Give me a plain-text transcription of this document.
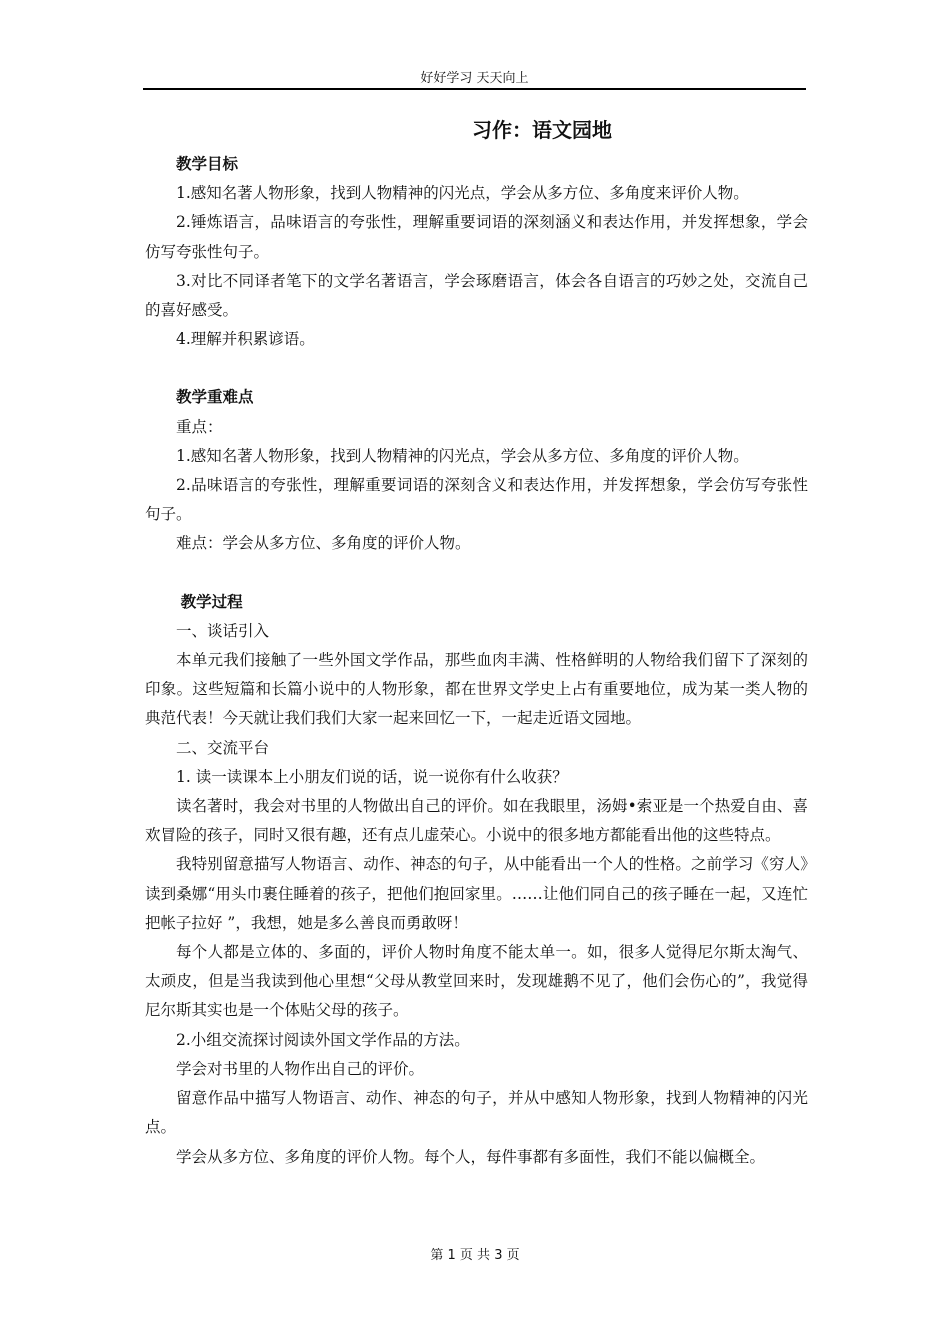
好好学习 天天向上
习作：语文园地

教学目标

1.感知名著人物形象，找到人物精神的闪光点，学会从多方位、多角度来评价人物。

2.锤炼语言，品味语言的夸张性，理解重要词语的深刻涵义和表达作用，并发挥想象，学会仿写夸张性句子。

3.对比不同译者笔下的文学名著语言，学会琢磨语言，体会各自语言的巧妙之处，交流自己的喜好感受。

4.理解并积累谚语。

教学重难点

重点：

1.感知名著人物形象，找到人物精神的闪光点，学会从多方位、多角度的评价人物。

2.品味语言的夸张性，理解重要词语的深刻含义和表达作用，并发挥想象，学会仿写夸张性句子。

难点：学会从多方位、多角度的评价人物。

教学过程

一、谈话引入

本单元我们接触了一些外国文学作品，那些血肉丰满、性格鲜明的人物给我们留下了深刻的印象。这些短篇和长篇小说中的人物形象，都在世界文学史上占有重要地位，成为某一类人物的典范代表！今天就让我们我们大家一起来回忆一下，一起走近语文园地。

二、交流平台

1. 读一读课本上小朋友们说的话，说一说你有什么收获？

读名著时，我会对书里的人物做出自己的评价。如在我眼里，汤姆•索亚是一个热爱自由、喜欢冒险的孩子，同时又很有趣，还有点儿虚荣心。小说中的很多地方都能看出他的这些特点。

我特别留意描写人物语言、动作、神态的句子，从中能看出一个人的性格。之前学习《穷人》读到桑娜“用头巾裹住睡着的孩子，把他们抱回家里。……让他们同自己的孩子睡在一起，又连忙把帐子拉好 ”，我想，她是多么善良而勇敢呀！

每个人都是立体的、多面的，评价人物时角度不能太单一。如，很多人觉得尼尔斯太淘气、太顽皮，但是当我读到他心里想“父母从教堂回来时，发现雄鹅不见了，他们会伤心的”，我觉得尼尔斯其实也是一个体贴父母的孩子。

2.小组交流探讨阅读外国文学作品的方法。

学会对书里的人物作出自己的评价。

留意作品中描写人物语言、动作、神态的句子，并从中感知人物形象，找到人物精神的闪光点。

学会从多方位、多角度的评价人物。每个人，每件事都有多面性，我们不能以偏概全。

第 1 页 共 3 页
